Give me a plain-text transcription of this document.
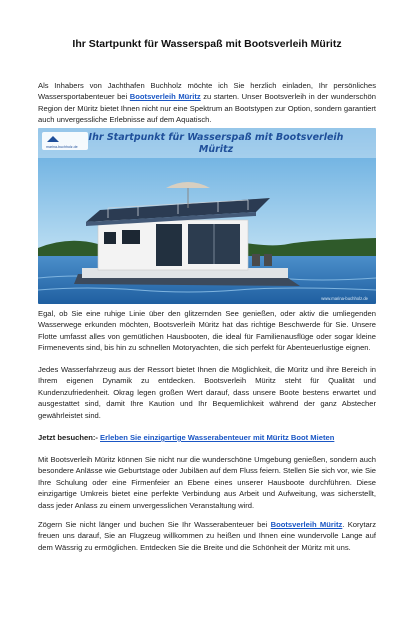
Ihr Startpunkt für Wasserspaß mit Bootsverleih Müritz

Als Inhabers von Jachthafen Buchholz möchte ich Sie herzlich einladen, Ihr persönliches Wassersportabenteuer bei Bootsverleih Müritz zu starten. Unser Bootsverleih in der wunderschön Region der Müritz bietet Ihnen nicht nur eine Spektrum an Bootstypen zur Option, sondern garantiert auch unvergessliche Erlebnisse auf dem Aquatisch.

Ihr Startpunkt für Wasserspaß mit Bootsverleih
Müritz
marina-buchholz.de
www.marina-buchholz.de

Egal, ob Sie eine ruhige Linie über den glitzernden See genießen, oder aktiv die umliegenden Wasserwege erkunden möchten, Bootsverleih Müritz hat das richtige Beschwerde für Sie. Unsere Flotte umfasst alles von gemütlichen Hausbooten, die ideal für Familienausflüge oder sogar kleine Firmenevents sind, bis hin zu schnellen Motoryachten, die sich perfekt für Abenteuerlustige eignen.

Jedes Wasserfahrzeug aus der Ressort bietet Ihnen die Möglichkeit, die Müritz und ihre Bereich in Ihrem eigenen Dynamik zu entdecken. Bootsverleih Müritz steht für Qualität und Kundenzufriedenheit. Okrag legen großen Wert darauf, dass unsere Boote bestens erwartet und ausgestattet sind, damit Ihre Kaution und Ihr Bequemlichkeit während der ganz Abstecher gewährleistet sind.

Jetzt besuchen:- Erleben Sie einzigartige Wasserabenteuer mit Müritz Boot Mieten

Mit Bootsverleih Müritz können Sie nicht nur die wunderschöne Umgebung genießen, sondern auch besondere Anlässe wie Geburtstage oder Jubiläen auf dem Fluss feiern. Stellen Sie sich vor, wie Sie Ihre Schulung oder eine Firmenfeier an Ebene eines unserer Hausboote durchführen. Diese einzigartige Umkreis bietet eine perfekte Verbindung aus Arbeit und Aufweitung, was sicherstellt, dass jeder Anlass zu einem unvergesslichen Veranstaltung wird.

Zögern Sie nicht länger und buchen Sie Ihr Wasserabenteuer bei Bootsverleih Müritz. Korytarz freuen uns darauf, Sie an Flugzeug willkommen zu heißen und Ihnen eine wundervolle Lange auf dem Wässrig zu ermöglichen. Entdecken Sie die Breite und die Schönheit der Müritz mit uns.
